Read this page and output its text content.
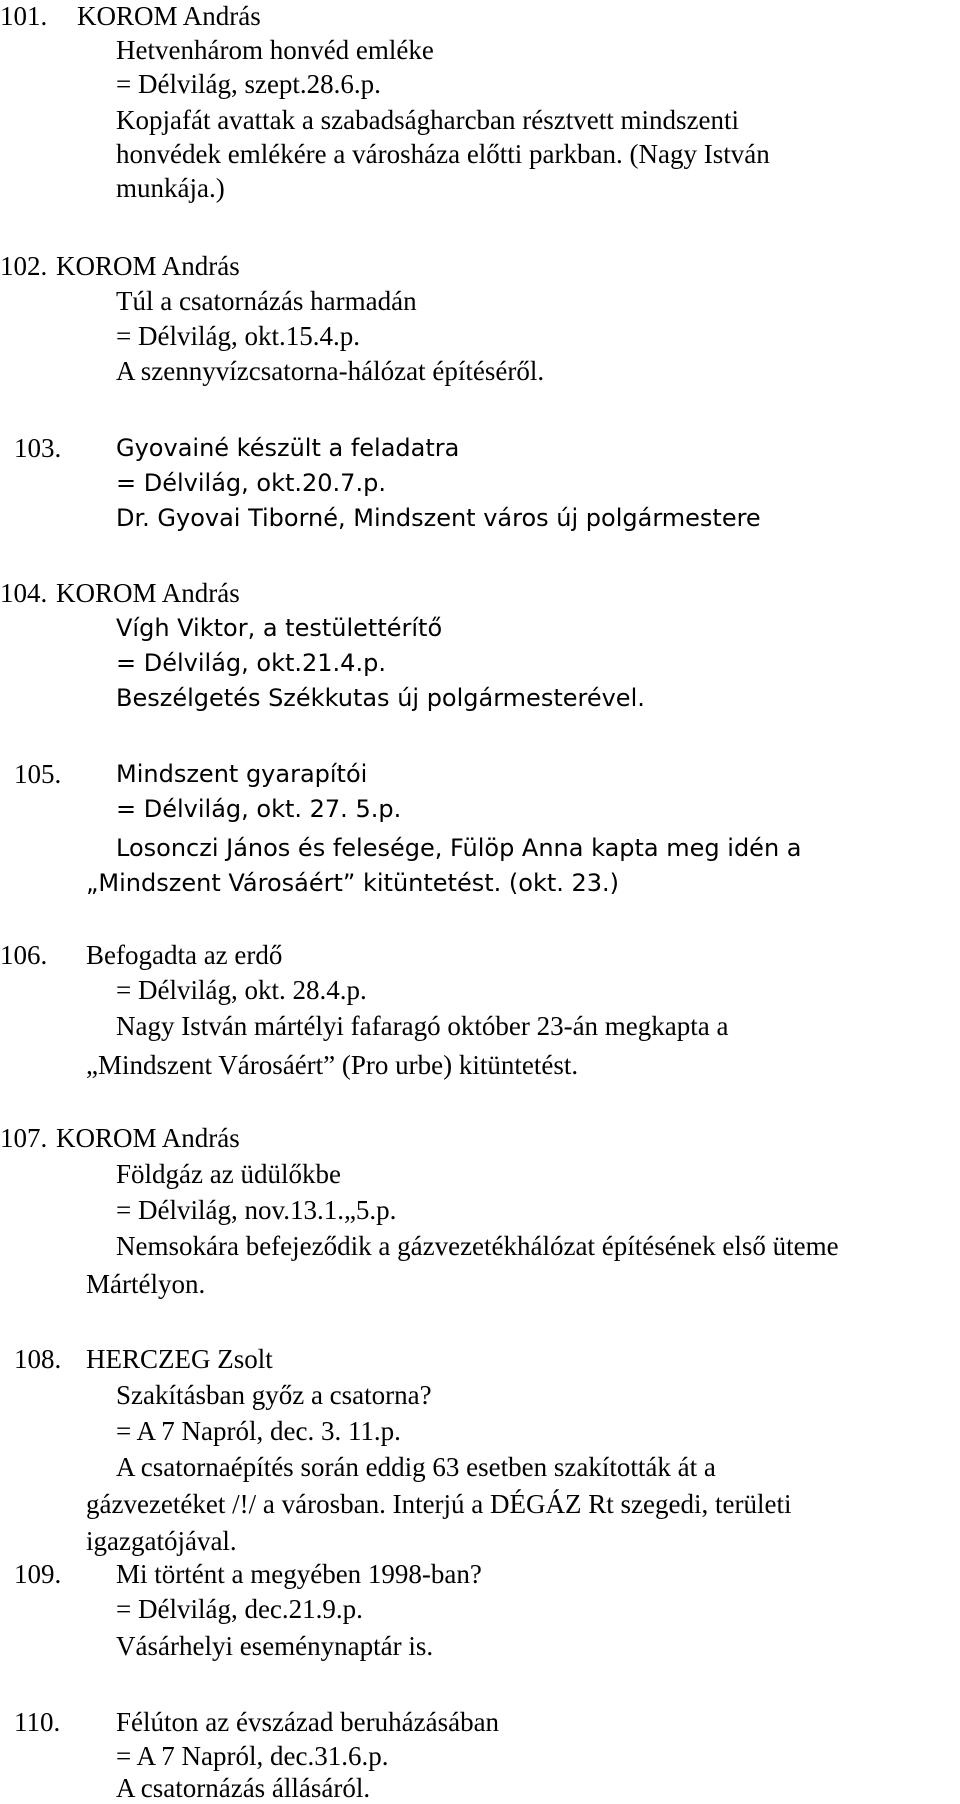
101. KOROM András
Hetvenhárom honvéd emléke
= Délvilág, szept.28.6.p.
Kopjafát avattak a szabadságharcban résztvett mindszenti
honvédek emlékére a városháza előtti parkban. (Nagy István
munkája.)
102. KOROM András
Túl a csatornázás harmadán
= Délvilág, okt.15.4.p.
A szennyvízcsatorna-hálózat építéséről.
103. Gyovainé készült a feladatra
= Délvilág, okt.20.7.p.
Dr. Gyovai Tiborné, Mindszent város új polgármestere
104. KOROM András
Vígh Viktor, a testülettérítő
= Délvilág, okt.21.4.p.
Beszélgetés Székkutas új polgármesterével.
105. Mindszent gyarapítói
= Délvilág, okt. 27. 5.p.
Losonczi János és felesége, Fülöp Anna kapta meg idén a
„Mindszent Városáért” kitüntetést. (okt. 23.)
106. Befogadta az erdő
= Délvilág, okt. 28.4.p.
Nagy István mártélyi fafaragó október 23-án megkapta a
„Mindszent Városáért” (Pro urbe) kitüntetést.
107. KOROM András
Földgáz az üdülőkbe
= Délvilág, nov.13.1.„5.p.
Nemsokára befejeződik a gázvezetékhálózat építésének első üteme
Mártélyon.
108. HERCZEG Zsolt
Szakításban győz a csatorna?
= A 7 Napról, dec. 3. 11.p.
A csatornaépítés során eddig 63 esetben szakították át a
gázvezetéket /!/ a városban. Interjú a DÉGÁZ Rt szegedi, területi
igazgatójával.
109. Mi történt a megyében 1998-ban?
= Délvilág, dec.21.9.p.
Vásárhelyi eseménynaptár is.
110. Félúton az évszázad beruházásában
= A 7 Napról, dec.31.6.p.
A csatornázás állásáról.
